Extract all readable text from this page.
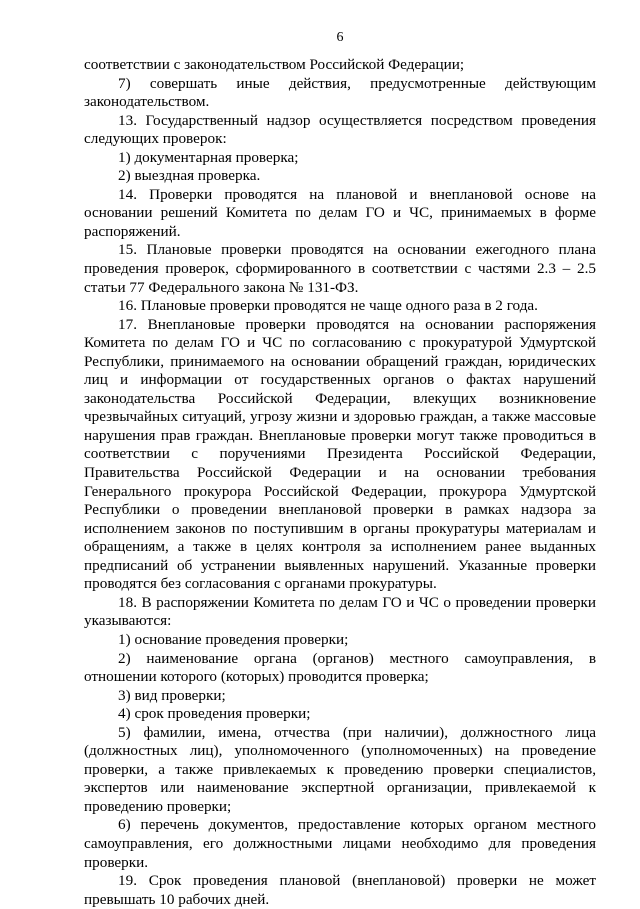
6

соответствии с законодательством Российской Федерации;

7) совершать иные действия, предусмотренные действующим законодательством.

13. Государственный надзор осуществляется посредством проведения следующих проверок:

1) документарная проверка;

2) выездная проверка.

14. Проверки проводятся на плановой и внеплановой основе на основании решений Комитета по делам ГО и ЧС, принимаемых в форме распоряжений.

15. Плановые проверки проводятся на основании ежегодного плана проведения проверок, сформированного в соответствии с частями 2.3 – 2.5 статьи 77 Федерального закона № 131-ФЗ.

16. Плановые проверки проводятся не чаще одного раза в 2 года.

17. Внеплановые проверки проводятся на основании распоряжения Комитета по делам ГО и ЧС по согласованию с прокуратурой Удмуртской Республики, принимаемого на основании обращений граждан, юридических лиц и информации от государственных органов о фактах нарушений законодательства Российской Федерации, влекущих возникновение чрезвычайных ситуаций, угрозу жизни и здоровью граждан, а также массовые нарушения прав граждан. Внеплановые проверки могут также проводиться в соответствии с поручениями Президента Российской Федерации, Правительства Российской Федерации и на основании требования Генерального прокурора Российской Федерации, прокурора Удмуртской Республики о проведении внеплановой проверки в рамках надзора за исполнением законов по поступившим в органы прокуратуры материалам и обращениям, а также в целях контроля за исполнением ранее выданных предписаний об устранении выявленных нарушений. Указанные проверки проводятся без согласования с органами прокуратуры.

18. В распоряжении Комитета по делам ГО и ЧС о проведении проверки указываются:

1) основание проведения проверки;

2) наименование органа (органов) местного самоуправления, в отношении которого (которых) проводится проверка;

3) вид проверки;

4) срок проведения проверки;

5) фамилии, имена, отчества (при наличии), должностного лица (должностных лиц), уполномоченного (уполномоченных) на проведение проверки, а также привлекаемых к проведению проверки специалистов, экспертов или наименование экспертной организации, привлекаемой к проведению проверки;

6) перечень документов, предоставление которых органом местного самоуправления, его должностными лицами необходимо для проведения проверки.

19. Срок проведения плановой (внеплановой) проверки не может превышать 10 рабочих дней.
